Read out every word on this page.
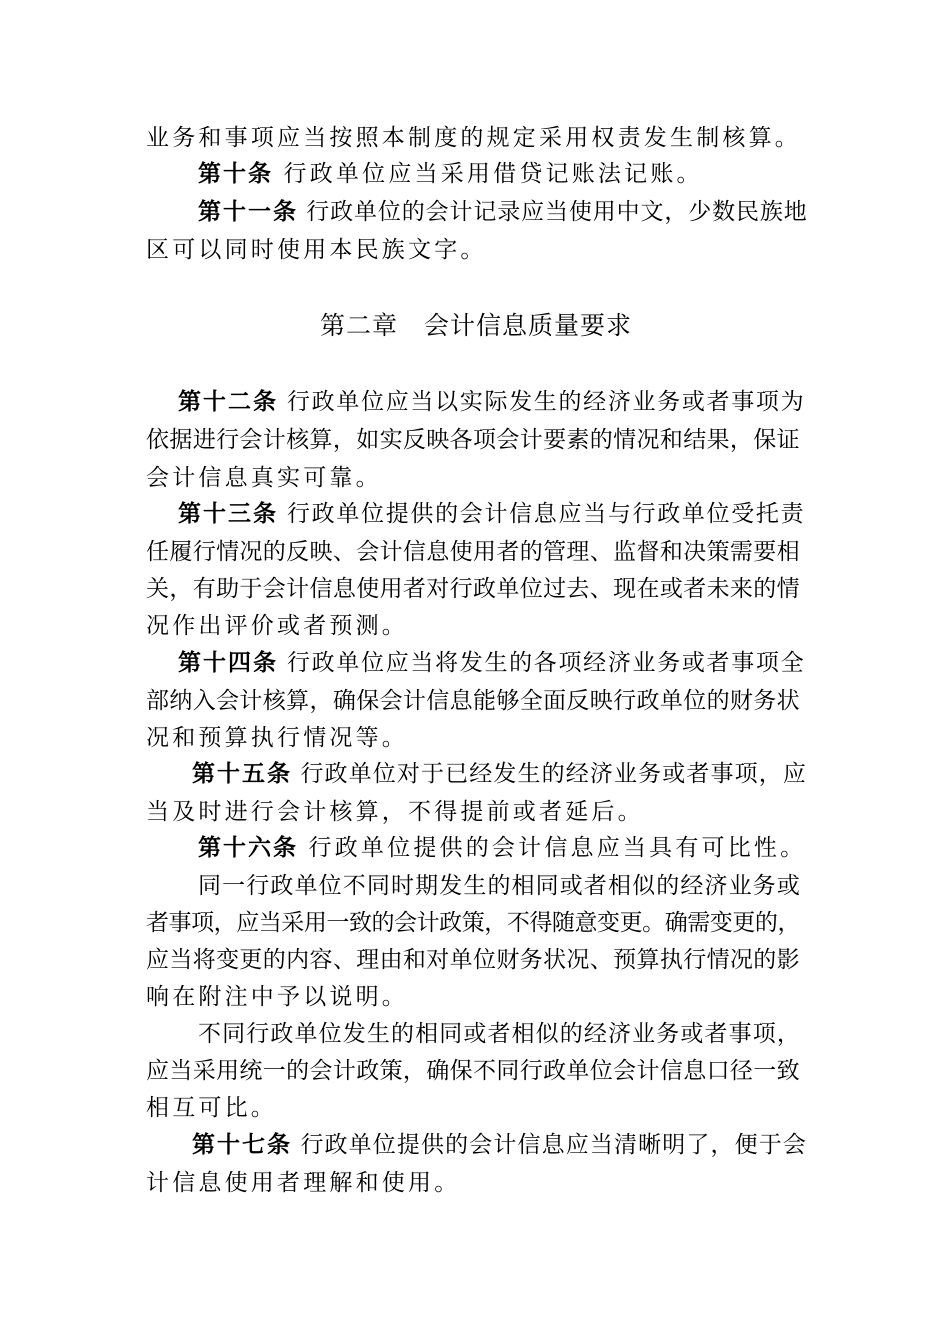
业务和事项应当按照本制度的规定采用权责发生制核算。
第十条 行政单位应当采用借贷记账法记账。
第十一条 行政单位的会计记录应当使用中文，少数民族地
区可以同时使用本民族文字。
第二章　会计信息质量要求
第十二条 行政单位应当以实际发生的经济业务或者事项为
依据进行会计核算，如实反映各项会计要素的情况和结果，保证
会计信息真实可靠。
第十三条 行政单位提供的会计信息应当与行政单位受托责
任履行情况的反映、会计信息使用者的管理、监督和决策需要相
关，有助于会计信息使用者对行政单位过去、现在或者未来的情
况作出评价或者预测。
第十四条 行政单位应当将发生的各项经济业务或者事项全
部纳入会计核算，确保会计信息能够全面反映行政单位的财务状
况和预算执行情况等。
第十五条 行政单位对于已经发生的经济业务或者事项，应
当及时进行会计核算，不得提前或者延后。
第十六条 行政单位提供的会计信息应当具有可比性。
同一行政单位不同时期发生的相同或者相似的经济业务或
者事项，应当采用一致的会计政策，不得随意变更。确需变更的，
应当将变更的内容、理由和对单位财务状况、预算执行情况的影
响在附注中予以说明。
不同行政单位发生的相同或者相似的经济业务或者事项，
应当采用统一的会计政策，确保不同行政单位会计信息口径一致
相互可比。
第十七条 行政单位提供的会计信息应当清晰明了，便于会
计信息使用者理解和使用。
